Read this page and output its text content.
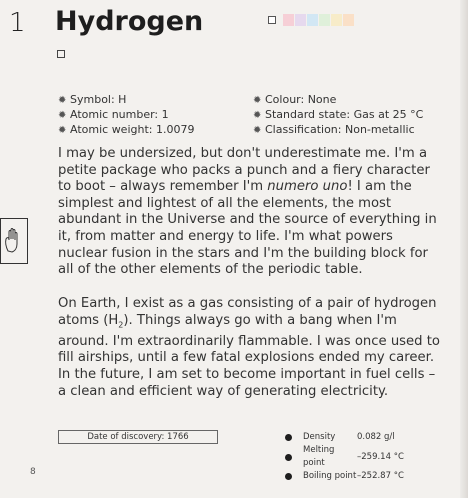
1 Hydrogen
✹ Symbol: H
✹ Atomic number: 1
✹ Atomic weight: 1.0079
✹ Colour: None
✹ Standard state: Gas at 25 °C
✹ Classification: Non-metallic
I may be undersized, but don't underestimate me. I'm a petite package who packs a punch and a fiery character to boot – always remember I'm numero uno! I am the simplest and lightest of all the elements, the most abundant in the Universe and the source of everything in it, from matter and energy to life. I'm what powers nuclear fusion in the stars and I'm the building block for all of the other elements of the periodic table.
On Earth, I exist as a gas consisting of a pair of hydrogen atoms $(H_2)$. Things always go with a bang when I'm around. I'm extraordinarily flammable. I was once used to fill airships, until a few fatal explosions ended my career. In the future, I am set to become important in fuel cells – a clean and efficient way of generating electricity.
Date of discovery: 1766	Density	0.082 g/l
Melting point
–259.14 °C
Boiling point –252.87 °C
8
